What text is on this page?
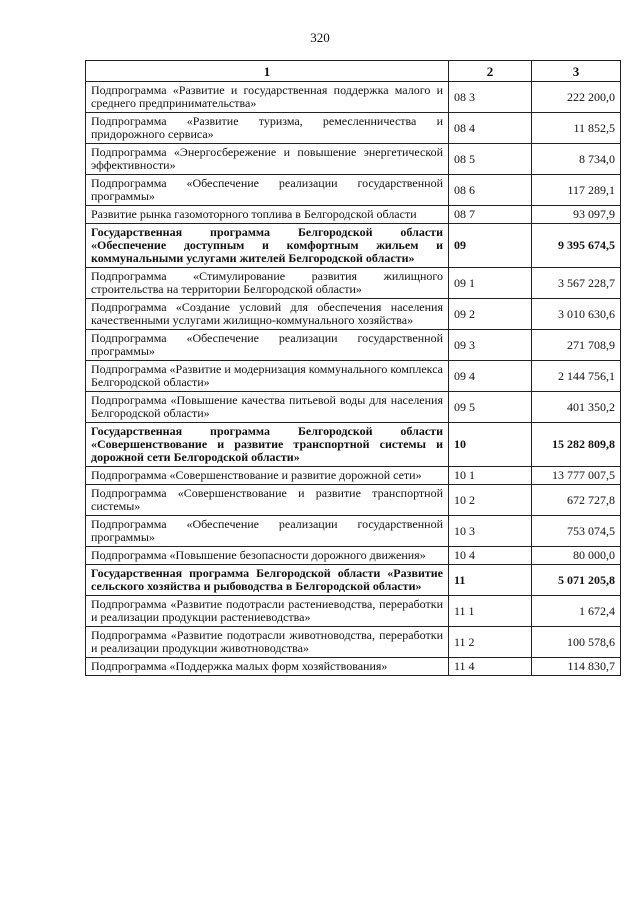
320
1	2	3
Подпрограмма «Развитие и государственная поддержка малого и среднего предпринимательства»	08 3	222 200,0
Подпрограмма «Развитие туризма, ремесленничества и придорожного сервиса»	08 4	11 852,5
Подпрограмма «Энергосбережение и повышение энергетической эффективности»	08 5	8 734,0
Подпрограмма «Обеспечение реализации государственной программы»	08 6	117 289,1
Развитие рынка газомоторного топлива в Белгородской области	08 7	93 097,9
Государственная программа Белгородской области «Обеспечение доступным и комфортным жильем и коммунальными услугами жителей Белгородской области»	09	9 395 674,5
Подпрограмма «Стимулирование развития жилищного строительства на территории Белгородской области»	09 1	3 567 228,7
Подпрограмма «Создание условий для обеспечения населения качественными услугами жилищно-коммунального хозяйства»	09 2	3 010 630,6
Подпрограмма «Обеспечение реализации государственной программы»	09 3	271 708,9
Подпрограмма «Развитие и модернизация коммунального комплекса Белгородской области»	09 4	2 144 756,1
Подпрограмма «Повышение качества питьевой воды для населения Белгородской области»	09 5	401 350,2
Государственная программа Белгородской области «Совершенствование и развитие транспортной системы и дорожной сети Белгородской области»	10	15 282 809,8
Подпрограмма «Совершенствование и развитие дорожной сети»	10 1	13 777 007,5
Подпрограмма «Совершенствование и развитие транспортной системы»	10 2	672 727,8
Подпрограмма «Обеспечение реализации государственной программы»	10 3	753 074,5
Подпрограмма «Повышение безопасности дорожного движения»	10 4	80 000,0
Государственная программа Белгородской области «Развитие сельского хозяйства и рыбоводства в Белгородской области»	11	5 071 205,8
Подпрограмма «Развитие подотрасли растениеводства, переработки и реализации продукции растениеводства»	11 1	1 672,4
Подпрограмма «Развитие подотрасли животноводства, переработки и реализации продукции животноводства»	11 2	100 578,6
Подпрограмма «Поддержка малых форм хозяйствования»	11 4	114 830,7
